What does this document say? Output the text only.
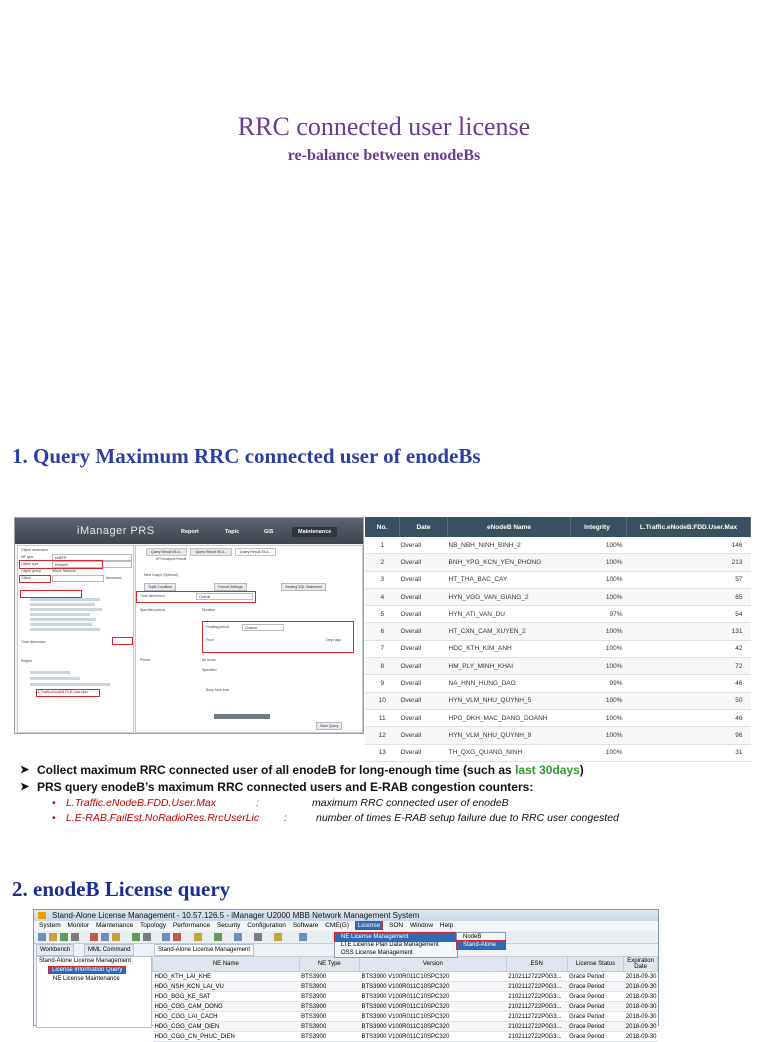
RRC connected user license
re-balance between enodeBs
1. Query Maximum RRC connected user of enodeBs
iManager PRS	Report	Topic	GIS	Maintenance
Object dimension
NE type	eNBFR
Object type	eNodeB
Object group	Whole Network
Object	Advanced
Time dimension
Region
L.Traffic.eNodeB.FDD.User.Max
Query Result 05-d...	Query Result 05-d...	Query Result 05-d...
KPI Analysis Result
New Graph (Optional)
TopN Condition	Format Settings	Viewing SQL Statement
Time dimension	Overall
Specified period	Duration
Floating period	Custom
From	Days ago
Period	All hours
Specified
Busy hour sum
Save Query
No.	Date	eNodeB Name	Integrity	L.Traffic.eNodeB.FDD.User.Max
1	Overall	NB_NBH_NINH_BINH_2	100%	146
2	Overall	BNH_YPG_KCN_YEN_PHONG	100%	213
3	Overall	HT_THA_BAC_CAY	100%	57
4	Overall	HYN_VGG_VAN_GIANG_2	100%	65
5	Overall	HYN_ATI_VAN_DU	97%	54
6	Overall	HT_CXN_CAM_XUYEN_2	100%	131
7	Overall	HDC_KTH_KIM_ANH	100%	42
8	Overall	HM_PLY_MINH_KHAI	100%	72
9	Overall	NA_HNN_HUNG_DAO	99%	46
10	Overall	HYN_VLM_NHU_QUYNH_5	100%	50
11	Overall	HPG_DKH_MAC_DANG_DOANH	100%	46
12	Overall	HYN_VLM_NHU_QUYNH_9	100%	96
13	Overall	TH_QXG_QUANG_NINH	100%	31
➤ Collect maximum RRC connected user of all enodeB for long-enough time (such as last 30days)
➤ PRS query enodeB’s maximum RRC connected users and E-RAB congestion counters:
• L.Traffic.eNodeB.FDD.User.Max	:	maximum RRC connected user of enodeB
• L.E-RAB.FailEst.NoRadioRes.RrcUserLic :	number of times E-RAB setup failure due to RRC user congested
2. enodeB License query
Stand-Alone License Management - 10.57.126.5 - iManager U2000 MBB Network Management System
System Monitor Maintenance Topology Performance Security Configuration Software CME(G) License SON Window Help
Workbench	MML Command	Stand-Alone License Management
Stand-Alone License Management
License Information Query
NE License Maintenance
NE Name	NE Type	Version	ESN	License Status	Expiration Date
HDG_KTH_LAI_KHE	BTS3900	BTS3900 V100R011C10SPC320	2102112722P0G3...	Grace Period	2018-09-30
HDG_NSH_KCN_LAI_VU	BTS3900	BTS3900 V100R011C10SPC320	2102112722P0G3...	Grace Period	2018-09-30
HDG_BGG_KE_SAT	BTS3900	BTS3900 V100R011C10SPC320	2102112722P0G3...	Grace Period	2018-09-30
HDG_CGG_CAM_DONG	BTS3900	BTS3900 V100R011C10SPC320	2102112722P0G3...	Grace Period	2018-09-30
HDG_CGG_LAI_CACH	BTS3900	BTS3900 V100R011C10SPC320	2102112722P0G3...	Grace Period	2018-09-30
HDG_CGG_CAM_DIEN	BTS3900	BTS3900 V100R011C10SPC320	2102112722P0G3...	Grace Period	2018-09-30
HDG_CGG_CN_PHUC_DIEN	BTS3900	BTS3900 V100R011C10SPC320	2102112722P0G3...	Grace Period	2018-09-30
NE License Management
LTE License Plan Data Management
OSS License Management
NodeB
Stand-Alone
